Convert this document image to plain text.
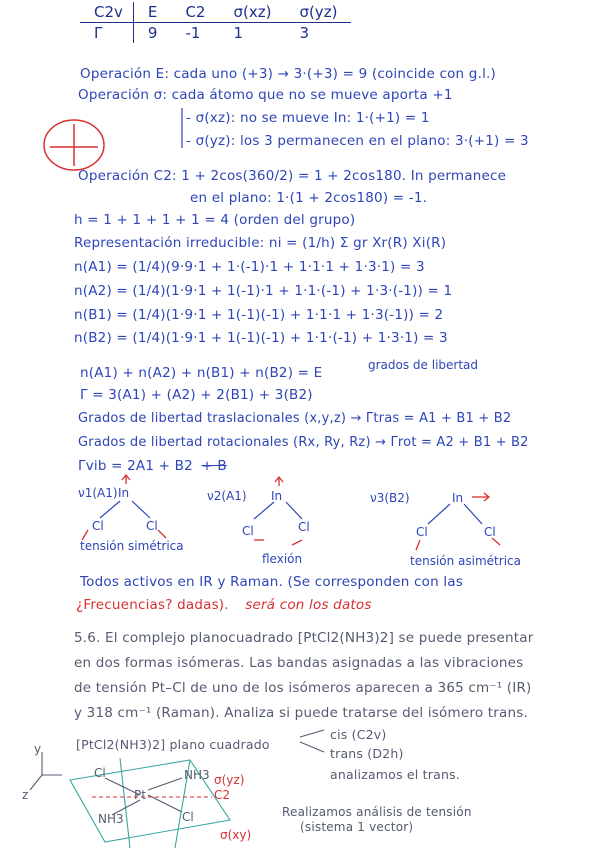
C2v	E	C2	σ(xz)	σ(yz)
Γ	9	-1	1	3
Operación E: cada uno (+3) → 3·(+3) = 9 (coincide con g.l.)
Operación σ: cada átomo que no se mueve aporta +1
- σ(xz): no se mueve In: 1·(+1) = 1
- σ(yz): los 3 permanecen en el plano: 3·(+1) = 3
Operación C2: 1 + 2cos(360/2) = 1 + 2cos180. In permanece
en el plano: 1·(1 + 2cos180) = -1.
h = 1 + 1 + 1 + 1 = 4 (orden del grupo)
Representación irreducible: ni = (1/h) Σ gr Xr(R) Xi(R)
n(A1) = (1/4)(9·9·1 + 1·(-1)·1 + 1·1·1 + 1·3·1) = 3
n(A2) = (1/4)(1·9·1 + 1(-1)·1 + 1·1·(-1) + 1·3·(-1)) = 1
n(B1) = (1/4)(1·9·1 + 1(-1)(-1) + 1·1·1 + 1·3(-1)) = 2
n(B2) = (1/4)(1·9·1 + 1(-1)(-1) + 1·1·(-1) + 1·3·1) = 3
n(A1) + n(A2) + n(B1) + n(B2) = E	grados de libertad
Γ = 3(A1) + (A2) + 2(B1) + 3(B2)
Grados de libertad traslacionales (x,y,z) → Γtras = A1 + B1 + B2
Grados de libertad rotacionales (Rx, Ry, Rz) → Γrot = A2 + B1 + B2
Γvib = 2A1 + B2 + B
ν1(A1) In
Cl	Cl
tensión simétrica
ν2(A1) In
Cl	Cl
flexión
ν3(B2)	In
Cl	Cl
tensión asimétrica
Todos activos en IR y Raman. (Se corresponden con las
¿Frecuencias? dadas). será con los datos
5.6. El complejo planocuadrado [PtCl2(NH3)2] se puede presentar
en dos formas isómeras. Las bandas asignadas a las vibraciones
de tensión Pt–Cl de uno de los isómeros aparecen a 365 cm⁻¹ (IR)
y 318 cm⁻¹ (Raman). Analiza si puede tratarse del isómero trans.
[PtCl2(NH3)2] plano cuadrado
cis (C2v)
trans (D2h)
analizamos el trans.
Realizamos análisis de tensión
(sistema 1 vector)
y
z
Cl
Pt
NH3
NH3	Cl
C2
σ(yz)
σ(xy)
